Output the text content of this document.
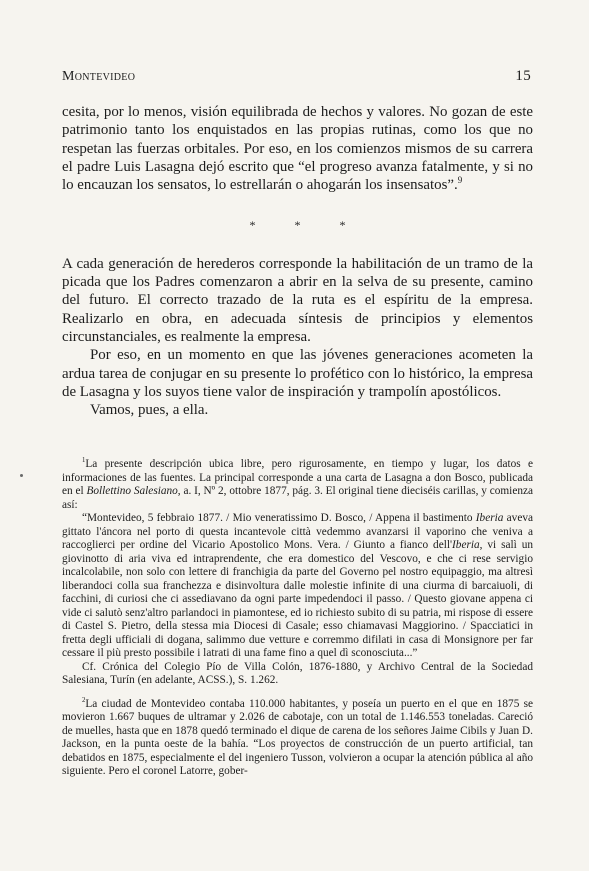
Montevideo	15

cesita, por lo menos, visión equilibrada de hechos y valores. No gozan de este patrimonio tanto los enquistados en las propias rutinas, como los que no respetan las fuerzas orbitales. Por eso, en los comienzos mismos de su carrera el padre Luis Lasagna dejó escrito que “el progreso avanza fatalmente, y si no lo encauzan los sensatos, lo estrellarán o ahogarán los insensatos”.$^9$

* * *

A cada generación de herederos corresponde la habilitación de un tramo de la picada que los Padres comenzaron a abrir en la selva de su presente, camino del futuro. El correcto trazado de la ruta es el espíritu de la empresa. Realizarlo en obra, en adecuada síntesis de principios y elementos circunstanciales, es realmente la empresa.

Por eso, en un momento en que las jóvenes generaciones acometen la ardua tarea de conjugar en su presente lo profético con lo histórico, la empresa de Lasagna y los suyos tiene valor de inspiración y trampolín apostólicos.

Vamos, pues, a ella.

$^1$La presente descripción ubica libre, pero rigurosamente, en tiempo y lugar, los datos e informaciones de las fuentes. La principal corresponde a una carta de Lasagna a don Bosco, publicada en el Bollettino Salesiano, a. I, Nº 2, ottobre 1877, pág. 3. El original tiene dieciséis carillas, y comienza así:

“Montevideo, 5 febbraio 1877. / Mio veneratissimo D. Bosco, / Appena il bastimento Iberia aveva gittato l'áncora nel porto di questa incantevole città vedemmo avanzarsi il vaporino che veniva a raccoglierci per ordine del Vicario Apostolico Mons. Vera. / Giunto a fianco dell'Iberia, vi salì un giovinotto di aria viva ed intraprendente, che era domestico del Vescovo, e che ci rese servigio incalcolabile, non solo con lettere di franchigia da parte del Governo pel nostro equipaggio, ma altresì liberandoci colla sua franchezza e disinvoltura dalle molestie infinite di una ciurma di barcaiuoli, di facchini, di curiosi che ci assediavano da ogni parte impedendoci il passo. / Questo giovane appena ci vide ci salutò senz'altro parlandoci in piamontese, ed io richiesto subito di su patria, mi rispose di essere di Castel S. Pietro, della stessa mia Diocesi di Casale; esso chiamavasi Maggiorino. / Spacciatici in fretta degli ufficiali di dogana, salimmo due vetture e corremmo difilati in casa di Monsignore per far cessare il più presto possibile i latrati di una fame fino a quel dì sconosciuta...”

Cf. Crónica del Colegio Pío de Villa Colón, 1876-1880, y Archivo Central de la Sociedad Salesiana, Turín (en adelante, ACSS.), S. 1.262.

$^2$La ciudad de Montevideo contaba 110.000 habitantes, y poseía un puerto en el que en 1875 se movieron 1.667 buques de ultramar y 2.026 de cabotaje, con un total de 1.146.553 toneladas. Careció de muelles, hasta que en 1878 quedó terminado el dique de carena de los señores Jaime Cibils y Juan D. Jackson, en la punta oeste de la bahía. “Los proyectos de construcción de un puerto artificial, tan debatidos en 1875, especialmente el del ingeniero Tusson, volvieron a ocupar la atención pública al año siguiente. Pero el coronel Latorre, gober-
